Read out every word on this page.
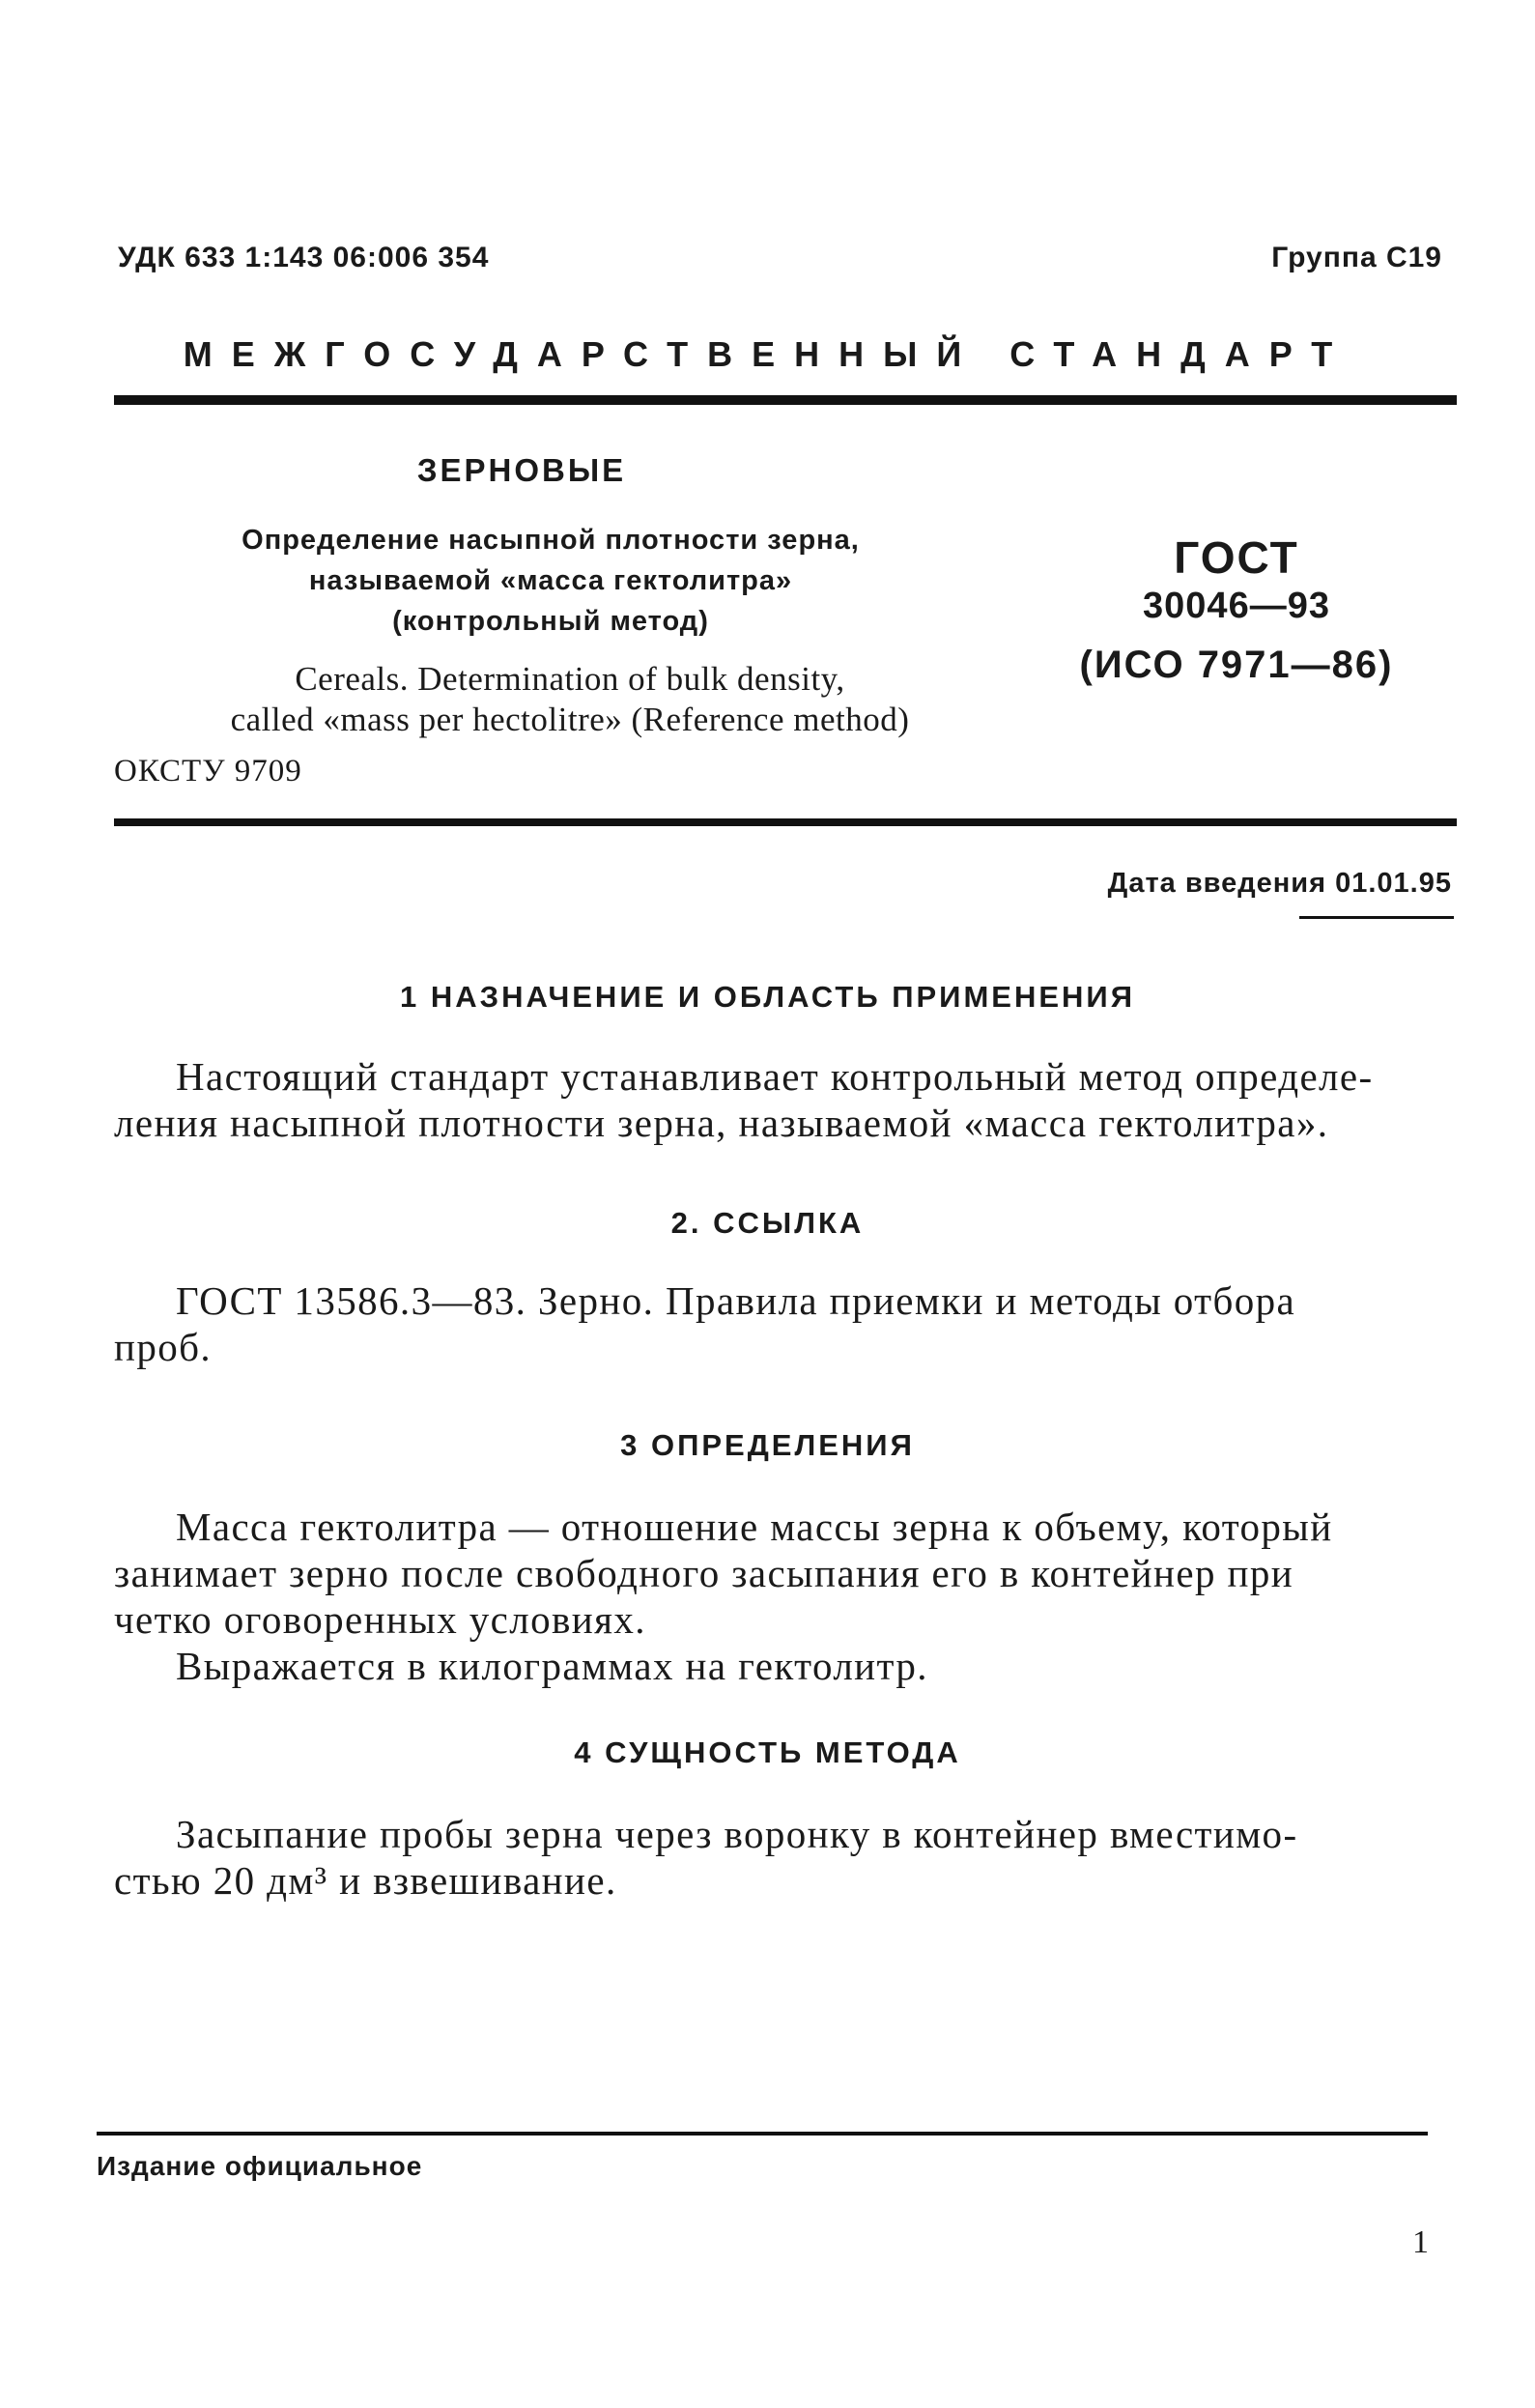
УДК 633 1:143 06:006 354	Группа С19
МЕЖГОСУДАРСТВЕННЫЙ СТАНДАРТ
ЗЕРНОВЫЕ
Определение насыпной плотности зерна,
называемой «масса гектолитра»
(контрольный метод)
Cereals. Determination of bulk density,
called «mass per hectolitre» (Reference method)
ОКСТУ 9709
ГОСТ
30046—93
(ИСО 7971—86)
Дата введения 01.01.95
1 НАЗНАЧЕНИЕ И ОБЛАСТЬ ПРИМЕНЕНИЯ
Настоящий стандарт устанавливает контрольный метод определе-
ления насыпной плотности зерна, называемой «масса гектолитра».
2. ССЫЛКА
ГОСТ 13586.3—83. Зерно. Правила приемки и методы отбора
проб.
3 ОПРЕДЕЛЕНИЯ
Масса гектолитра — отношение массы зерна к объему, который
занимает зерно после свободного засыпания его в контейнер при
четко оговоренных условиях.
Выражается в килограммах на гектолитр.
4 СУЩНОСТЬ МЕТОДА
Засыпание пробы зерна через воронку в контейнер вместимо-
стью 20 дм³ и взвешивание.
Издание официальное
1
